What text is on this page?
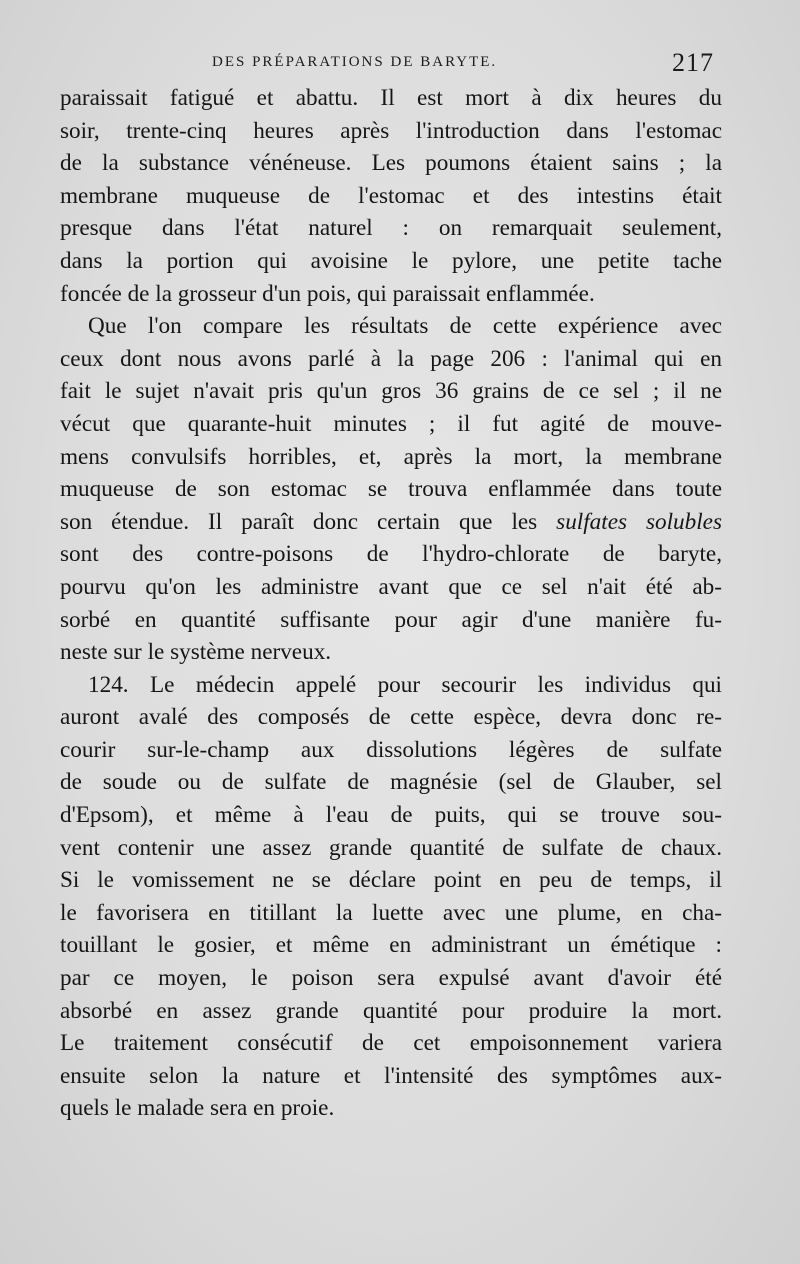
DES PRÉPARATIONS DE BARYTE.	217
paraissait fatigué et abattu. Il est mort à dix heures du
soir, trente-cinq heures après l'introduction dans l'estomac
de la substance vénéneuse. Les poumons étaient sains ; la
membrane muqueuse de l'estomac et des intestins était
presque dans l'état naturel : on remarquait seulement,
dans la portion qui avoisine le pylore, une petite tache
foncée de la grosseur d'un pois, qui paraissait enflammée.
Que l'on compare les résultats de cette expérience avec
ceux dont nous avons parlé à la page 206 : l'animal qui en
fait le sujet n'avait pris qu'un gros 36 grains de ce sel ; il ne
vécut que quarante-huit minutes ; il fut agité de mouve-
mens convulsifs horribles, et, après la mort, la membrane
muqueuse de son estomac se trouva enflammée dans toute
son étendue. Il paraît donc certain que les sulfates solubles
sont des contre-poisons de l'hydro-chlorate de baryte,
pourvu qu'on les administre avant que ce sel n'ait été ab-
sorbé en quantité suffisante pour agir d'une manière fu-
neste sur le système nerveux.
124. Le médecin appelé pour secourir les individus qui
auront avalé des composés de cette espèce, devra donc re-
courir sur-le-champ aux dissolutions légères de sulfate
de soude ou de sulfate de magnésie (sel de Glauber, sel
d'Epsom), et même à l'eau de puits, qui se trouve sou-
vent contenir une assez grande quantité de sulfate de chaux.
Si le vomissement ne se déclare point en peu de temps, il
le favorisera en titillant la luette avec une plume, en cha-
touillant le gosier, et même en administrant un émétique :
par ce moyen, le poison sera expulsé avant d'avoir été
absorbé en assez grande quantité pour produire la mort.
Le traitement consécutif de cet empoisonnement variera
ensuite selon la nature et l'intensité des symptômes aux-
quels le malade sera en proie.
